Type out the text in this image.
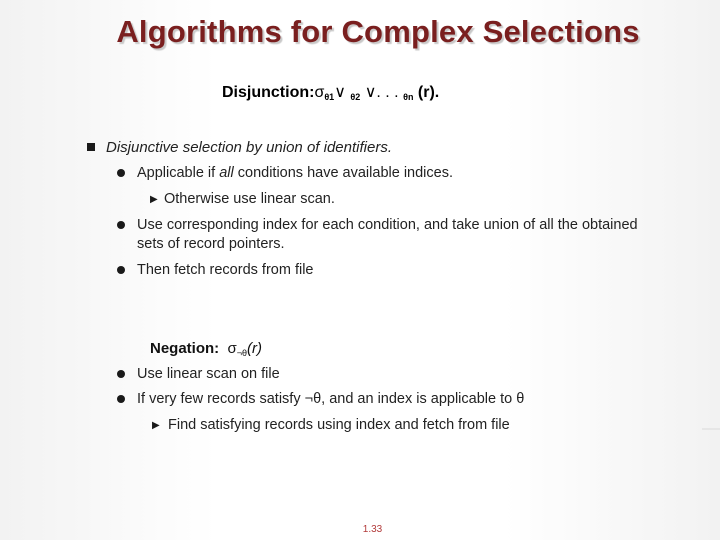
Algorithms for Complex Selections
$Disjunction:\sigma_{\theta 1}\vee$ $_{\theta 2}$ ∨. . . $_{\theta n}$ (r).
Disjunctive selection by union of identifiers.
Applicable if all conditions have available indices.
▶ Otherwise use linear scan.
Use corresponding index for each condition, and take union of all the obtained
sets of record pointers.
Then fetch records from file
Negation: $\sigma_{\neg\theta}(r)$
Use linear scan on file
If very few records satisfy ¬θ, and an index is applicable to θ
▶ Find satisfying records using index and fetch from file
1.33
